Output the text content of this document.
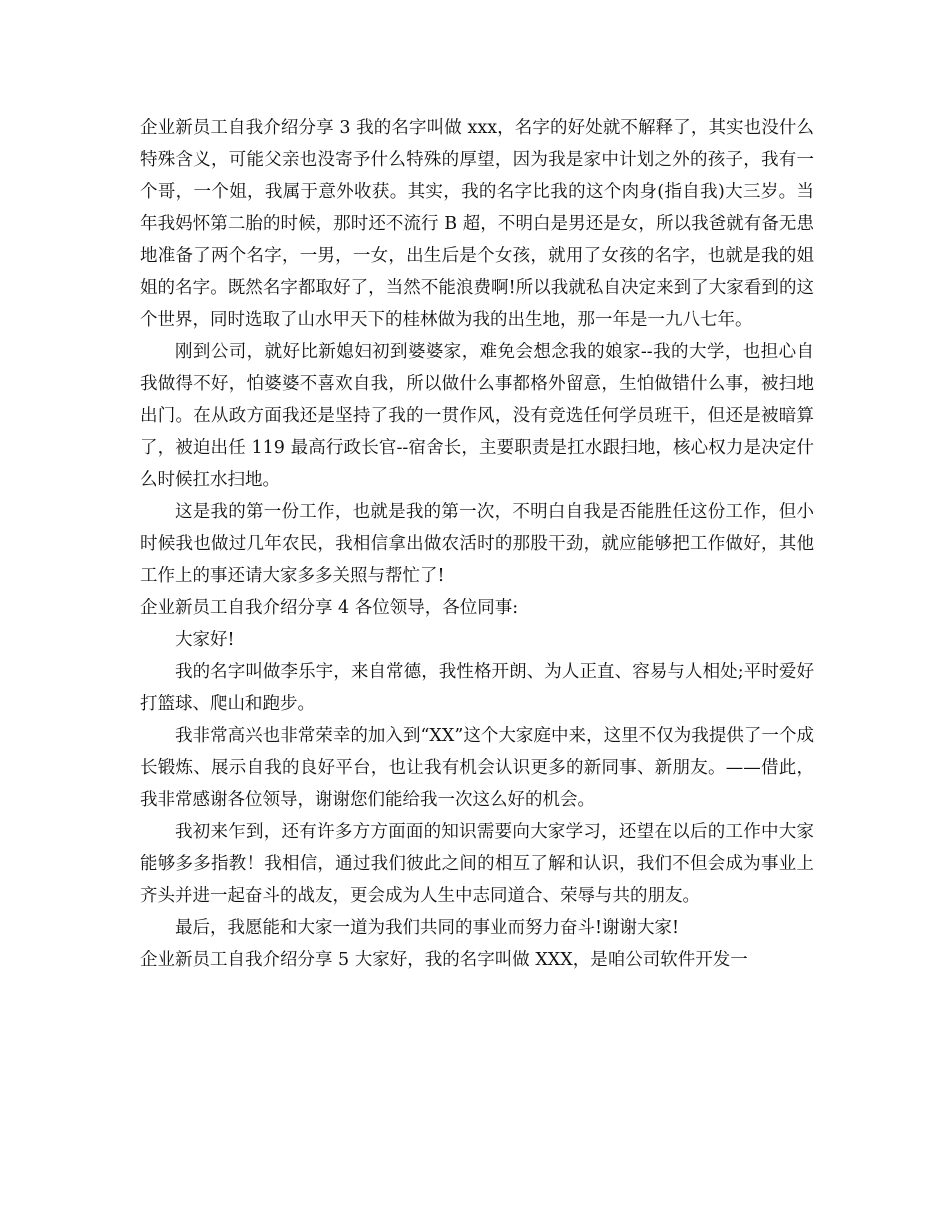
企业新员工自我介绍分享 3 我的名字叫做 xxx，名字的好处就不解释了，其实也没什么特殊含义，可能父亲也没寄予什么特殊的厚望，因为我是家中计划之外的孩子，我有一个哥，一个姐，我属于意外收获。其实，我的名字比我的这个肉身(指自我)大三岁。当年我妈怀第二胎的时候，那时还不流行 B 超，不明白是男还是女，所以我爸就有备无患地准备了两个名字，一男，一女，出生后是个女孩，就用了女孩的名字，也就是我的姐姐的名字。既然名字都取好了，当然不能浪费啊!所以我就私自决定来到了大家看到的这个世界，同时选取了山水甲天下的桂林做为我的出生地，那一年是一九八七年。

刚到公司，就好比新媳妇初到婆婆家，难免会想念我的娘家--我的大学，也担心自我做得不好，怕婆婆不喜欢自我，所以做什么事都格外留意，生怕做错什么事，被扫地出门。在从政方面我还是坚持了我的一贯作风，没有竞选任何学员班干，但还是被暗算了，被迫出任 119 最高行政长官--宿舍长，主要职责是扛水跟扫地，核心权力是决定什么时候扛水扫地。

这是我的第一份工作，也就是我的第一次，不明白自我是否能胜任这份工作，但小时候我也做过几年农民，我相信拿出做农活时的那股干劲，就应能够把工作做好，其他工作上的事还请大家多多关照与帮忙了!

企业新员工自我介绍分享 4 各位领导，各位同事:

大家好!

我的名字叫做李乐宇，来自常德，我性格开朗、为人正直、容易与人相处;平时爱好打篮球、爬山和跑步。

我非常高兴也非常荣幸的加入到“XX”这个大家庭中来，这里不仅为我提供了一个成长锻炼、展示自我的良好平台，也让我有机会认识更多的新同事、新朋友。——借此，我非常感谢各位领导，谢谢您们能给我一次这么好的机会。

我初来乍到，还有许多方方面面的知识需要向大家学习，还望在以后的工作中大家能够多多指教！我相信，通过我们彼此之间的相互了解和认识，我们不但会成为事业上齐头并进一起奋斗的战友，更会成为人生中志同道合、荣辱与共的朋友。

最后，我愿能和大家一道为我们共同的事业而努力奋斗!谢谢大家!

企业新员工自我介绍分享 5 大家好，我的名字叫做 XXX，是咱公司软件开发一
